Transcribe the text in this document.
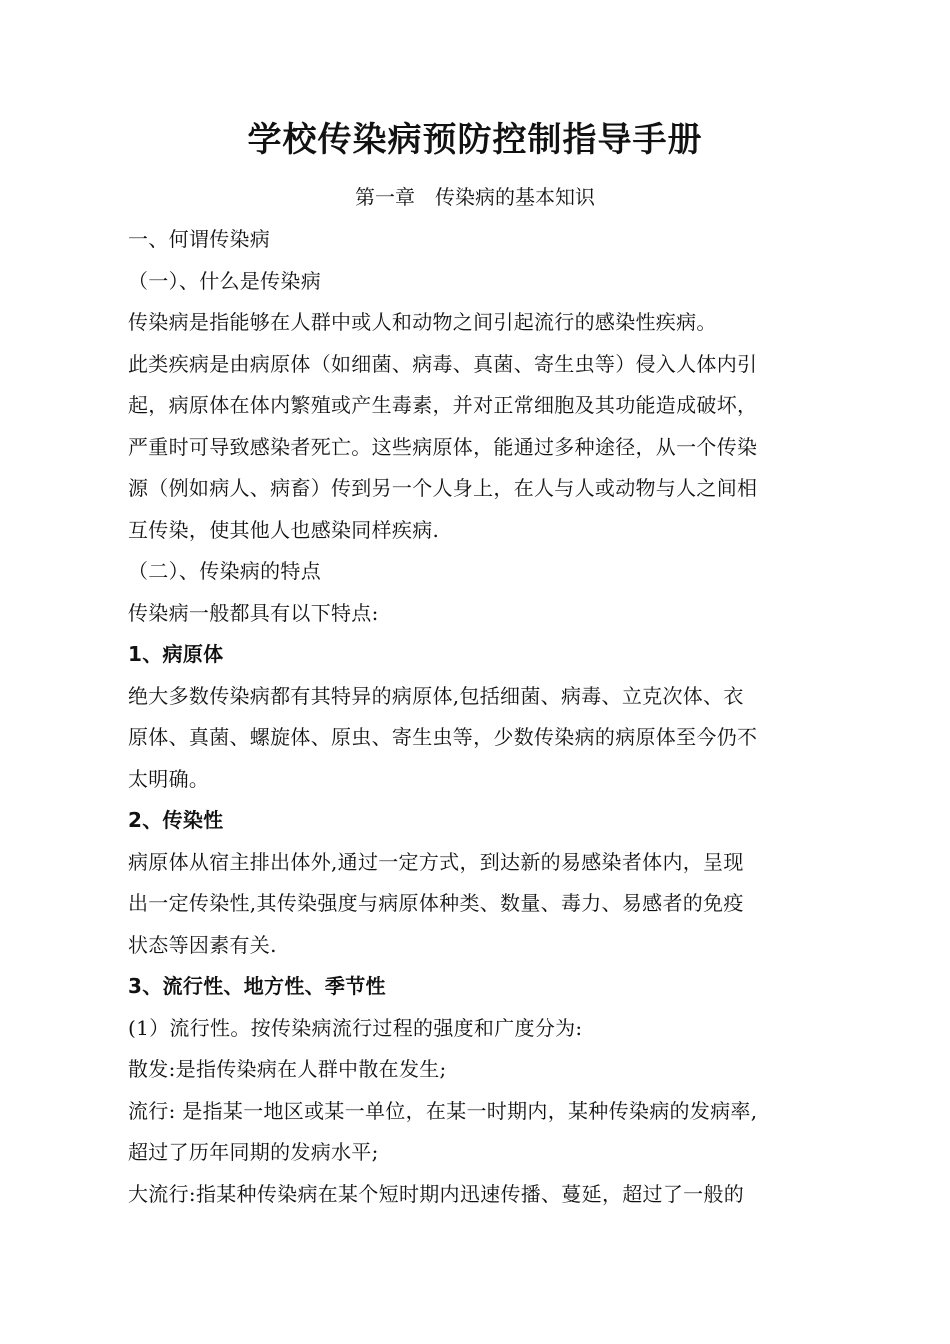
学校传染病预防控制指导手册
第一章　传染病的基本知识
一、何谓传染病
（一）、什么是传染病
传染病是指能够在人群中或人和动物之间引起流行的感染性疾病。
此类疾病是由病原体（如细菌、病毒、真菌、寄生虫等）侵入人体内引
起，病原体在体内繁殖或产生毒素，并对正常细胞及其功能造成破坏，
严重时可导致感染者死亡。这些病原体，能通过多种途径，从一个传染
源（例如病人、病畜）传到另一个人身上，在人与人或动物与人之间相
互传染，使其他人也感染同样疾病.
（二）、传染病的特点
传染病一般都具有以下特点:
1、病原体
绝大多数传染病都有其特异的病原体,包括细菌、病毒、立克次体、衣
原体、真菌、螺旋体、原虫、寄生虫等，少数传染病的病原体至今仍不
太明确。
2、传染性
病原体从宿主排出体外,通过一定方式，到达新的易感染者体内，呈现
出一定传染性,其传染强度与病原体种类、数量、毒力、易感者的免疫
状态等因素有关.
3、流行性、地方性、季节性
(1）流行性。按传染病流行过程的强度和广度分为:
散发:是指传染病在人群中散在发生;
流行: 是指某一地区或某一单位，在某一时期内，某种传染病的发病率,
超过了历年同期的发病水平;
大流行:指某种传染病在某个短时期内迅速传播、蔓延，超过了一般的
